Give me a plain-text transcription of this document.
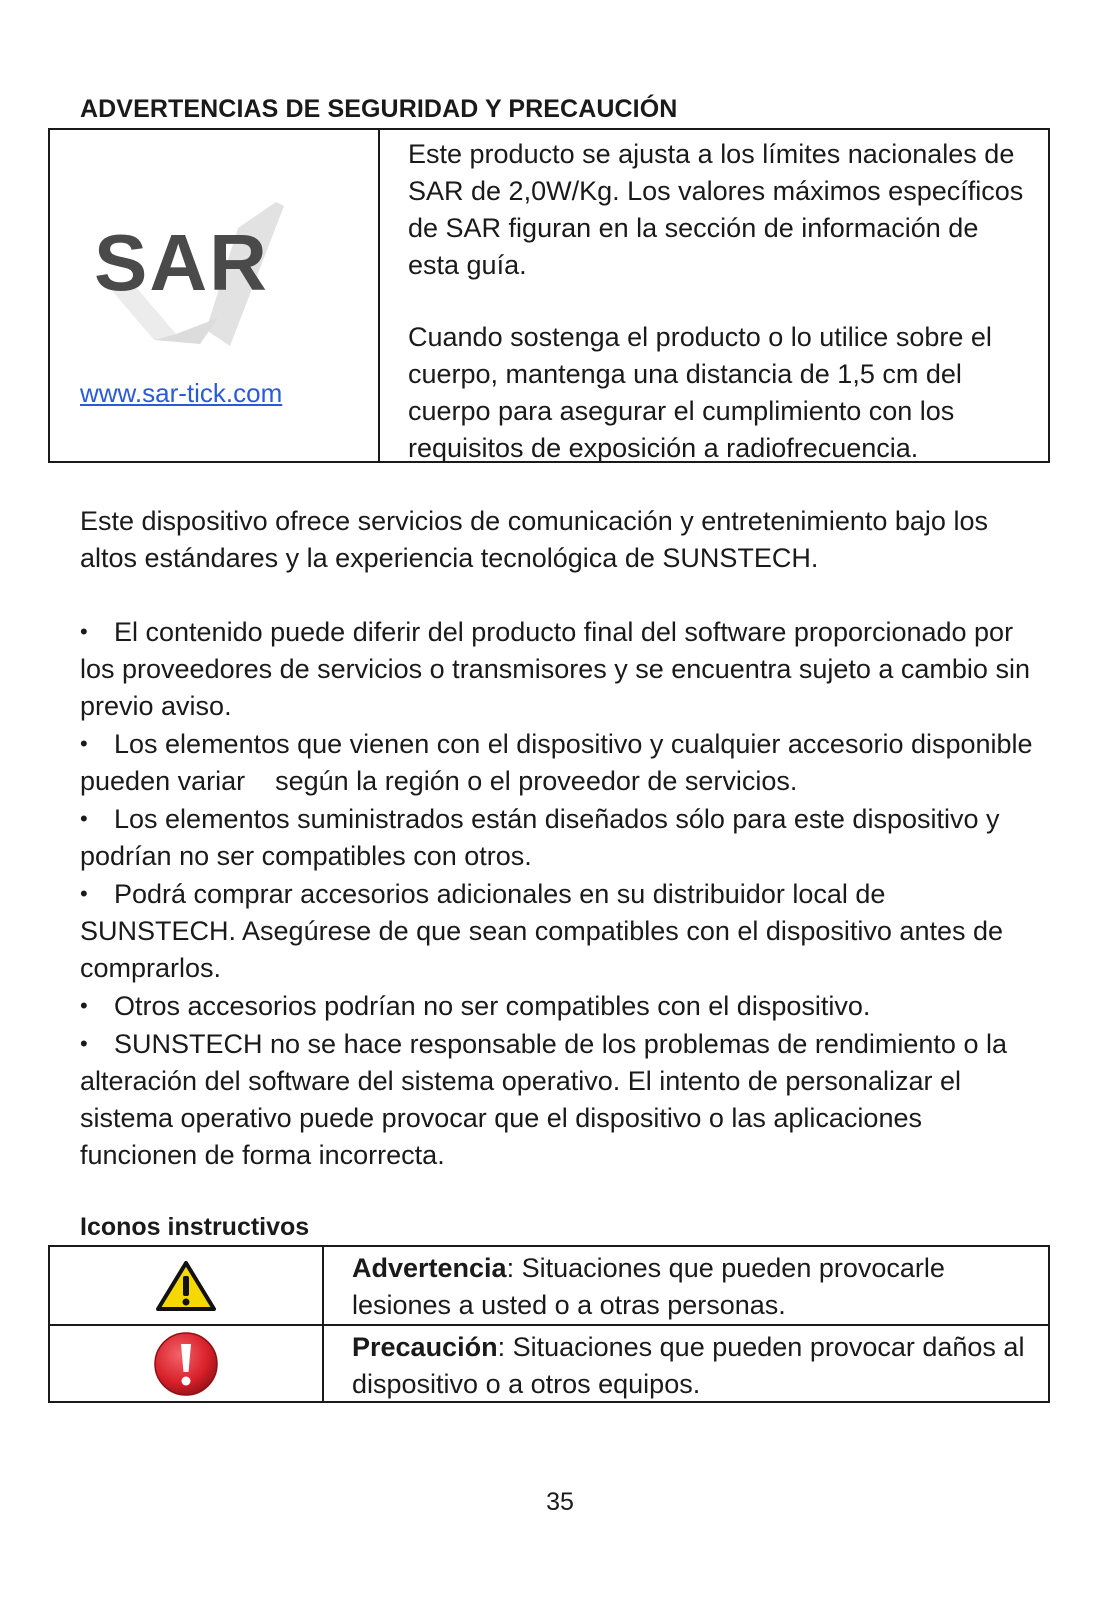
ADVERTENCIAS DE SEGURIDAD Y PRECAUCIÓN
SAR
www.sar-tick.com

Este producto se ajusta a los límites nacionales de SAR de 2,0W/Kg. Los valores máximos específicos de SAR figuran en la sección de información de esta guía.

Cuando sostenga el producto o lo utilice sobre el cuerpo, mantenga una distancia de 1,5 cm del cuerpo para asegurar el cumplimiento con los requisitos de exposición a radiofrecuencia.

Este dispositivo ofrece servicios de comunicación y entretenimiento bajo los altos estándares y la experiencia tecnológica de SUNSTECH.

• El contenido puede diferir del producto final del software proporcionado por los proveedores de servicios o transmisores y se encuentra sujeto a cambio sin previo aviso.
• Los elementos que vienen con el dispositivo y cualquier accesorio disponible pueden variar    según la región o el proveedor de servicios.
• Los elementos suministrados están diseñados sólo para este dispositivo y podrían no ser compatibles con otros.
• Podrá comprar accesorios adicionales en su distribuidor local de SUNSTECH. Asegúrese de que sean compatibles con el dispositivo antes de comprarlos.
• Otros accesorios podrían no ser compatibles con el dispositivo.
• SUNSTECH no se hace responsable de los problemas de rendimiento o la alteración del software del sistema operativo. El intento de personalizar el sistema operativo puede provocar que el dispositivo o las aplicaciones funcionen de forma incorrecta.
Iconos instructivos
Advertencia: Situaciones que pueden provocarle lesiones a usted o a otras personas.
Precaución: Situaciones que pueden provocar daños al dispositivo o a otros equipos.
35
